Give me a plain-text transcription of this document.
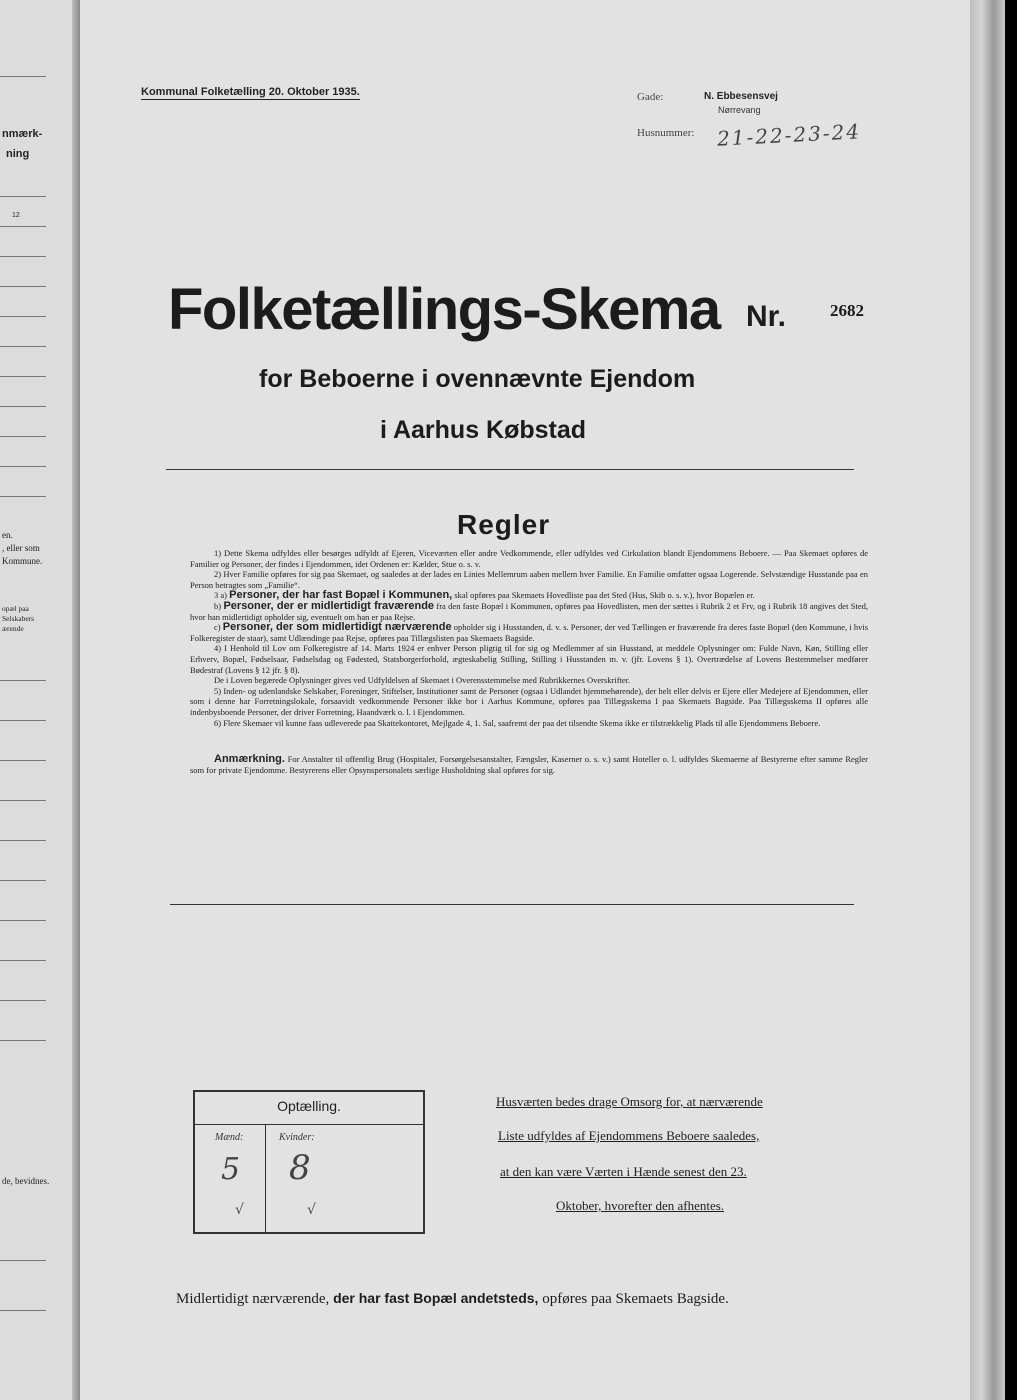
nmærk-
ning
12
en.
, eller som
Kommune.
opæl paa
Selskabers
ærende
de, bevidnes.
Kommunal Folketælling 20. Oktober 1935.	Gade:	N. Ebbesensvej
Nørrevang
Husnummer: 21-22-23-24
Folketællings-Skema Nr.	2682
for Beboerne i ovennævnte Ejendom
i Aarhus Købstad
Regler

1) Dette Skema udfyldes eller besørges udfyldt af Ejeren, Viceværten eller andre Vedkommende, eller udfyldes ved Cirkulation blandt Ejendommens Beboere. — Paa Skemaet opføres de Familier og Personer, der findes i Ejendommen, idet Ordenen er: Kælder, Stue o. s. v.

2) Hver Familie opføres for sig paa Skemaet, og saaledes at der lades en Linies Mellemrum aaben mellem hver Familie. En Familie omfatter ogsaa Logerende. Selvstændige Husstande paa en Person betragtes som „Familie“.

3 a) Personer, der har fast Bopæl i Kommunen, skal opføres paa Skemaets Hovedliste paa det Sted (Hus, Skib o. s. v.), hvor Bopælen er.

b) Personer, der er midlertidigt fraværende fra den faste Bopæl i Kommunen, opføres paa Hovedlisten, men der sættes i Rubrik 2 et Frv, og i Rubrik 18 angives det Sted, hvor han midlertidigt opholder sig, eventuelt om han er paa Rejse.

c) Personer, der som midlertidigt nærværende opholder sig i Husstanden, d. v. s. Personer, der ved Tællingen er fraværende fra deres faste Bopæl (den Kommune, i hvis Folkeregister de staar), samt Udlændinge paa Rejse, opføres paa Tillægslisten paa Skemaets Bagside.

4) I Henhold til Lov om Folkeregistre af 14. Marts 1924 er enhver Person pligtig til for sig og Medlemmer af sin Husstand, at meddele Oplysninger om: Fulde Navn, Køn, Stilling eller Erhverv, Bopæl, Fødselsaar, Fødselsdag og Fødested, Statsborgerforhold, ægteskabelig Stilling, Stilling i Husstanden m. v. (jfr. Lovens § 1). Overtrædelse af Lovens Bestemmelser medfører Bødestraf (Lovens § 12 jfr. § 8).

De i Loven begærede Oplysninger gives ved Udfyldelsen af Skemaet i Overensstemmelse med Rubrikkernes Overskrifter.

5) Inden- og udenlandske Selskaber, Foreninger, Stiftelser, Institutioner samt de Personer (ogsaa i Udlandet hjemmehørende), der helt eller delvis er Ejere eller Medejere af Ejendommen, eller som i denne har Forretningslokale, forsaavidt vedkommende Personer ikke bor i Aarhus Kommune, opføres paa Tillægsskema I paa Skemaets Bagside. Paa Tillægsskema II opføres alle indenbysboende Personer, der driver Forretning, Haandværk o. l. i Ejendommen.

6) Flere Skemaer vil kunne faas udleverede paa Skattekontoret, Mejlgade 4, 1. Sal, saafremt der paa det tilsendte Skema ikke er tilstrækkelig Plads til alle Ejendommens Beboere.

Anmærkning. For Anstalter til offentlig Brug (Hospitaler, Forsørgelsesanstalter, Fængsler, Kaserner o. s. v.) samt Hoteller o. l. udfyldes Skemaerne af Bestyrerne efter samme Regler som for private Ejendomme. Bestyrerens eller Opsynspersonalets særlige Husholdning skal opføres for sig.

Optælling.
Mænd:	Kvinder:
5 8
√	√
Husværten bedes drage Omsorg for, at nærværende
Liste udfyldes af Ejendommens Beboere saaledes,
at den kan være Værten i Hænde senest den 23.
Oktober, hvorefter den afhentes.
Midlertidigt nærværende, der har fast Bopæl andetsteds, opføres paa Skemaets Bagside.
